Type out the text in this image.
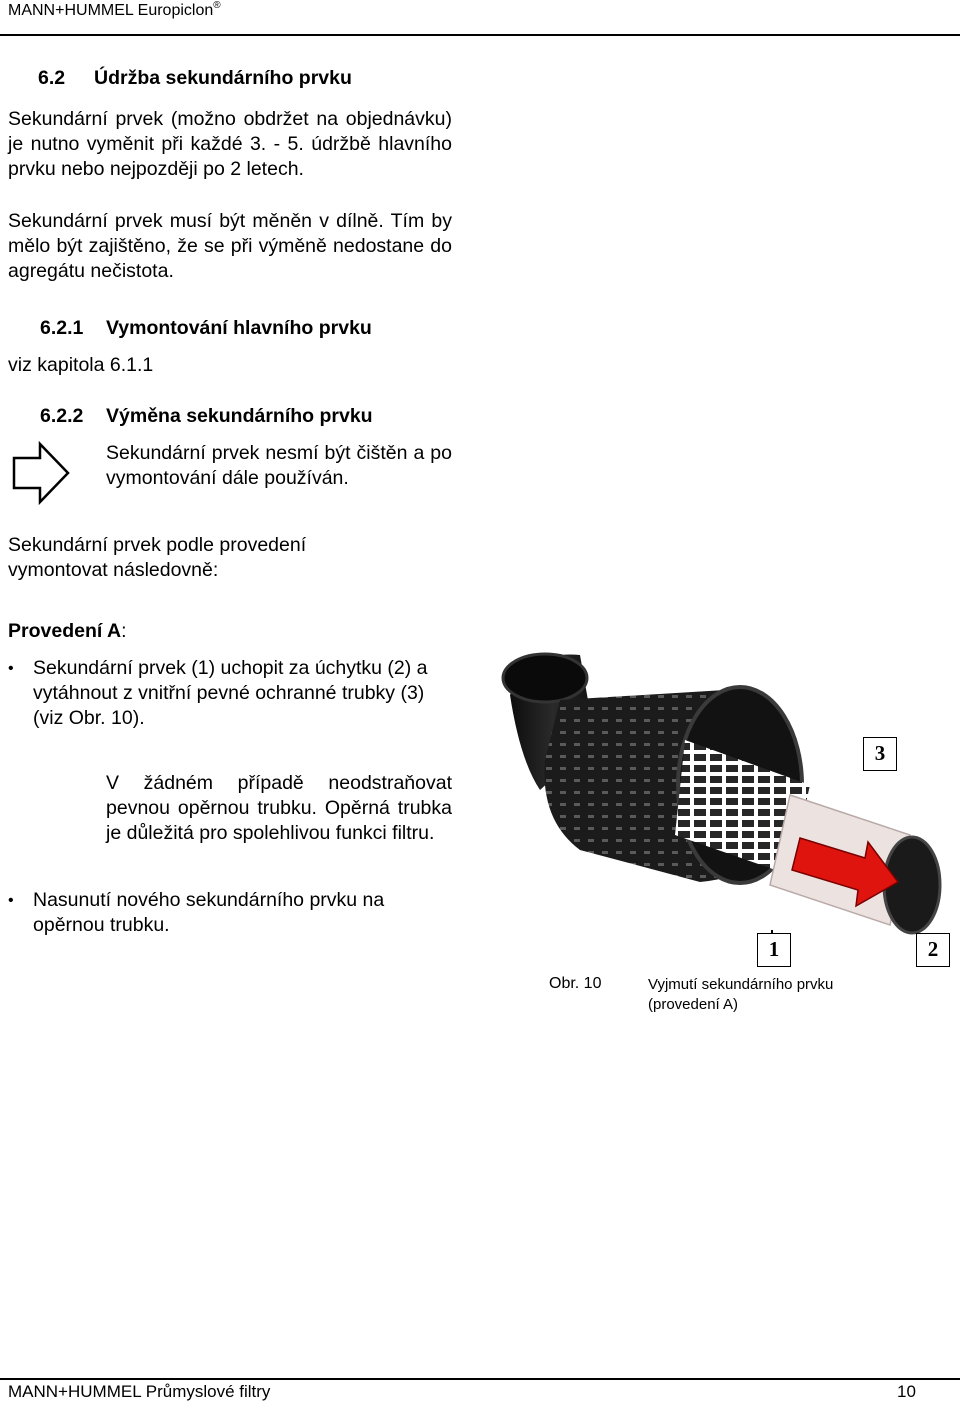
MANN+HUMMEL Europiclon®
6.2 Údržba sekundárního prvku
Sekundární prvek (možno obdržet na objednávku) je nutno vyměnit při každé 3. - 5. údržbě hlavního prvku nebo nejpozději po 2 letech.
Sekundární prvek musí být měněn v dílně. Tím by mělo být zajištěno, že se při výměně nedostane do agregátu nečistota.
6.2.1 Vymontování hlavního prvku
viz kapitola 6.1.1
6.2.2 Výměna sekundárního prvku
Sekundární prvek nesmí být čištěn a po vymontování dále používán.
Sekundární prvek podle provedení vymontovat následovně:
Provedení A:
• Sekundární prvek (1) uchopit za úchytku (2) a vytáhnout z vnitřní pevné ochranné trubky (3) (viz Obr. 10).
V žádném případě neodstraňovat pevnou opěrnou trubku. Opěrná trubka je důležitá pro spolehlivou funkci filtru.
• Nasunutí nového sekundárního prvku na opěrnou trubku.
3
1	2
Obr. 10	Vyjmutí sekundárního prvku (provedení A)
MANN+HUMMEL Průmyslové filtry	10
